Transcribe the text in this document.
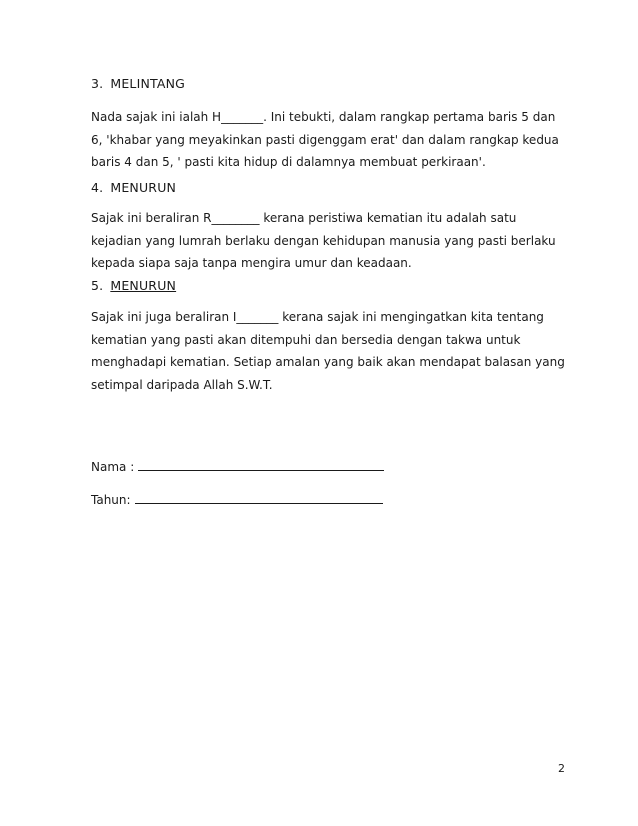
3. MELINTANG
Nada sajak ini ialah H_______. Ini tebukti, dalam rangkap pertama baris 5 dan
6, 'khabar yang meyakinkan pasti digenggam erat' dan dalam rangkap kedua
baris 4 dan 5, ' pasti kita hidup di dalamnya membuat perkiraan'.
4. MENURUN
Sajak ini beraliran R________ kerana peristiwa kematian itu adalah satu
kejadian yang lumrah berlaku dengan kehidupan manusia yang pasti berlaku
kepada siapa saja tanpa mengira umur dan keadaan.
5. MENURUN
Sajak ini juga beraliran I_______ kerana sajak ini mengingatkan kita tentang
kematian yang pasti akan ditempuhi dan bersedia dengan takwa untuk
menghadapi kematian. Setiap amalan yang baik akan mendapat balasan yang
setimpal daripada Allah S.W.T.
Nama :
Tahun:
2
